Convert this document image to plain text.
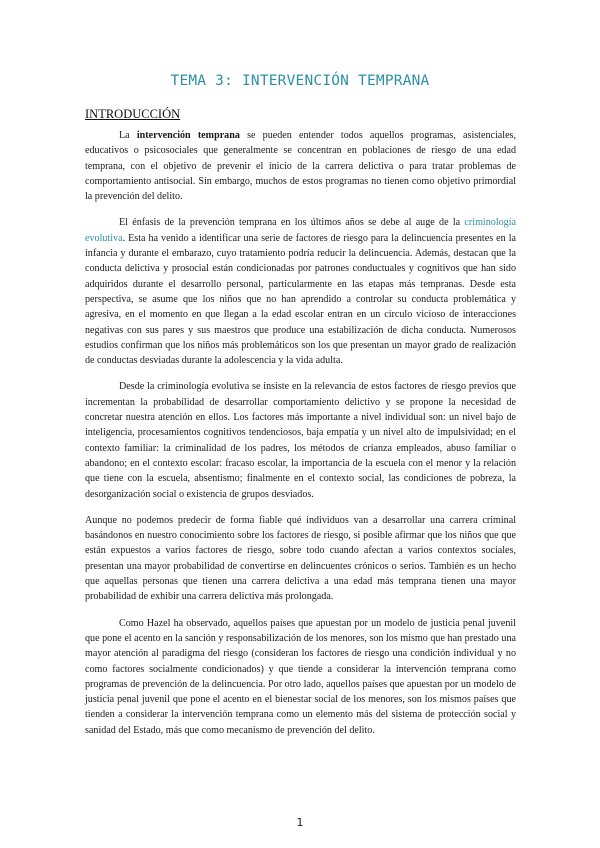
TEMA 3: INTERVENCIÓN TEMPRANA
INTRODUCCIÓN

La intervención temprana se pueden entender todos aquellos programas, asistenciales, educativos o psicosociales que generalmente se concentran en poblaciones de riesgo de una edad temprana, con el objetivo de prevenir el inicio de la carrera delictiva o para tratar problemas de comportamiento antisocial. Sin embargo, muchos de estos programas no tienen como objetivo primordial la prevención del delito.

El énfasis de la prevención temprana en los últimos años se debe al auge de la criminología evolutiva. Esta ha venido a identificar una serie de factores de riesgo para la delincuencia presentes en la infancia y durante el embarazo, cuyo tratamiento podría reducir la delincuencia. Además, destacan que la conducta delictiva y prosocial están condicionadas por patrones conductuales y cognitivos que han sido adquiridos durante el desarrollo personal, particularmente en las etapas más tempranas. Desde esta perspectiva, se asume que los niños que no han aprendido a controlar su conducta problemática y agresiva, en el momento en que llegan a la edad escolar entran en un círculo vicioso de interacciones negativas con sus pares y sus maestros que produce una estabilización de dicha conducta. Numerosos estudios confirman que los niños más problemáticos son los que presentan un mayor grado de realización de conductas desviadas durante la adolescencia y la vida adulta.

Desde la criminología evolutiva se insiste en la relevancia de estos factores de riesgo previos que incrementan la probabilidad de desarrollar comportamiento delictivo y se propone la necesidad de concretar nuestra atención en ellos. Los factores más importante a nivel individual son: un nivel bajo de inteligencia, procesamientos cognitivos tendenciosos, baja empatía y un nivel alto de impulsividad; en el contexto familiar: la criminalidad de los padres, los métodos de crianza empleados, abuso familiar o abandono; en el contexto escolar: fracaso escolar, la importancia de la escuela con el menor y la relación que tiene con la escuela, absentismo; finalmente en el contexto social, las condiciones de pobreza, la desorganización social o existencia de grupos desviados.

Aunque no podemos predecir de forma fiable qué individuos van a desarrollar una carrera criminal basándonos en nuestro conocimiento sobre los factores de riesgo, si posible afirmar que los niños que que están expuestos a varios factores de riesgo, sobre todo cuando afectan a varios contextos sociales, presentan una mayor probabilidad de convertirse en delincuentes crónicos o serios. También es un hecho que aquellas personas que tienen una carrera delictiva a una edad más temprana tienen una mayor probabilidad de exhibir una carrera delictiva más prolongada.

Como Hazel ha observado, aquellos países que apuestan por un modelo de justicia penal juvenil que pone el acento en la sanción y responsabilización de los menores, son los mismo que han prestado una mayor atención al paradigma del riesgo (consideran los factores de riesgo una condición individual y no como factores socialmente condicionados) y que tiende a considerar la intervención temprana como programas de prevención de la delincuencia. Por otro lado, aquellos países que apuestan por un modelo de justicia penal juvenil que pone el acento en el bienestar social de los menores, son los mismos países que tienden a considerar la intervención temprana como un elemento más del sistema de protección social y sanidad del Estado, más que como mecanismo de prevención del delito.

1
